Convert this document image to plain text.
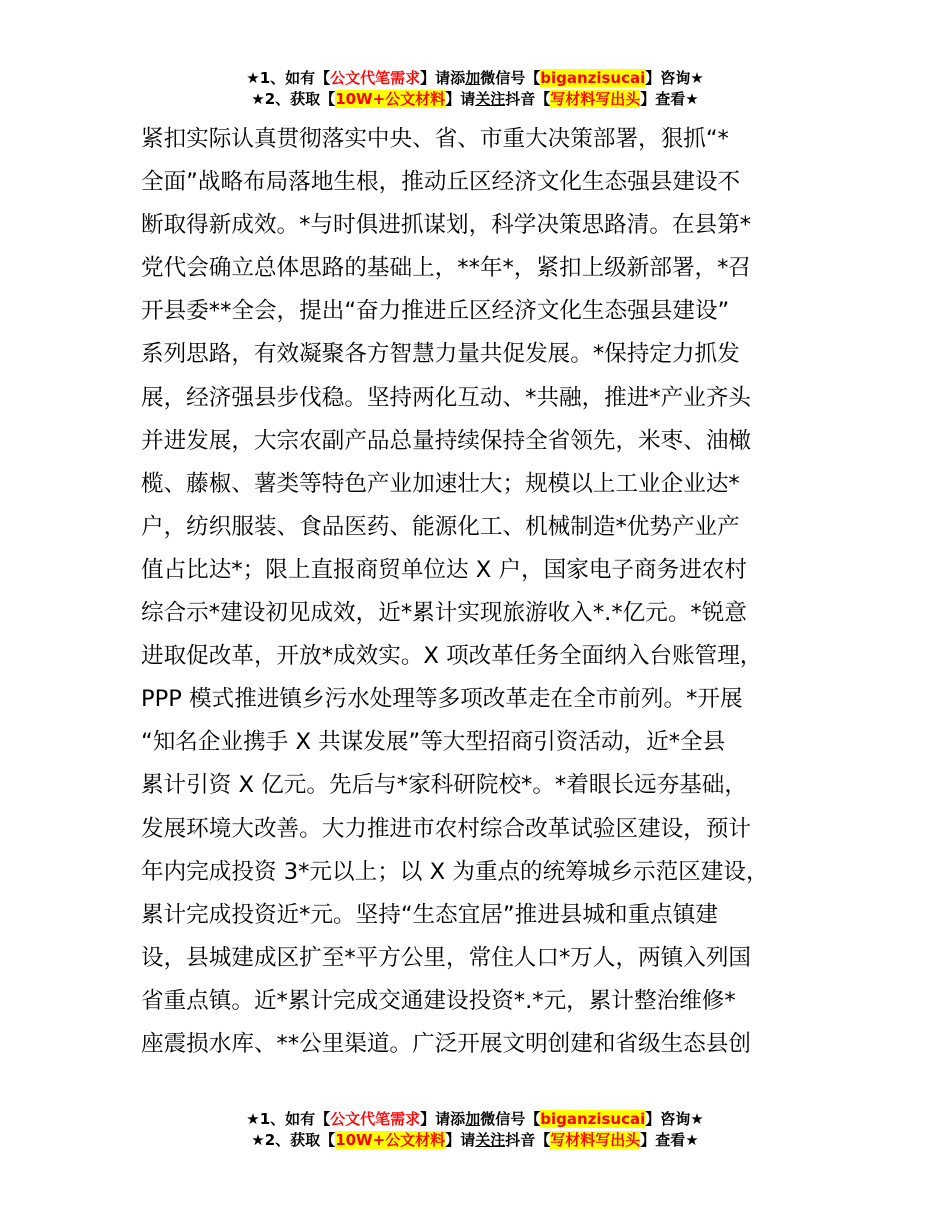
★1、如有【公文代笔需求】请添加微信号【biganzisucai】咨询★
★2、获取【10W+公文材料】请关注抖音【写材料写出头】查看★
紧扣实际认真贯彻落实中央、省、市重大决策部署，狠抓“*
全面”战略布局落地生根，推动丘区经济文化生态强县建设不
断取得新成效。*与时俱进抓谋划，科学决策思路清。在县第*
党代会确立总体思路的基础上，**年*，紧扣上级新部署，*召
开县委**全会，提出“奋力推进丘区经济文化生态强县建设”
系列思路，有效凝聚各方智慧力量共促发展。*保持定力抓发
展，经济强县步伐稳。坚持两化互动、*共融，推进*产业齐头
并进发展，大宗农副产品总量持续保持全省领先，米枣、油橄
榄、藤椒、薯类等特色产业加速壮大；规模以上工业企业达*
户，纺织服装、食品医药、能源化工、机械制造*优势产业产
值占比达*；限上直报商贸单位达 X 户，国家电子商务进农村
综合示*建设初见成效，近*累计实现旅游收入*.*亿元。*锐意
进取促改革，开放*成效实。X 项改革任务全面纳入台账管理，
PPP 模式推进镇乡污水处理等多项改革走在全市前列。*开展
“知名企业携手 X 共谋发展”等大型招商引资活动，近*全县
累计引资 X 亿元。先后与*家科研院校*。*着眼长远夯基础，
发展环境大改善。大力推进市农村综合改革试验区建设，预计
年内完成投资 3*元以上；以 X 为重点的统筹城乡示范区建设，
累计完成投资近*元。坚持“生态宜居”推进县城和重点镇建
设，县城建成区扩至*平方公里，常住人口*万人，两镇入列国
省重点镇。近*累计完成交通建设投资*.*元，累计整治维修*
座震损水库、**公里渠道。广泛开展文明创建和省级生态县创
★1、如有【公文代笔需求】请添加微信号【biganzisucai】咨询★
★2、获取【10W+公文材料】请关注抖音【写材料写出头】查看★
